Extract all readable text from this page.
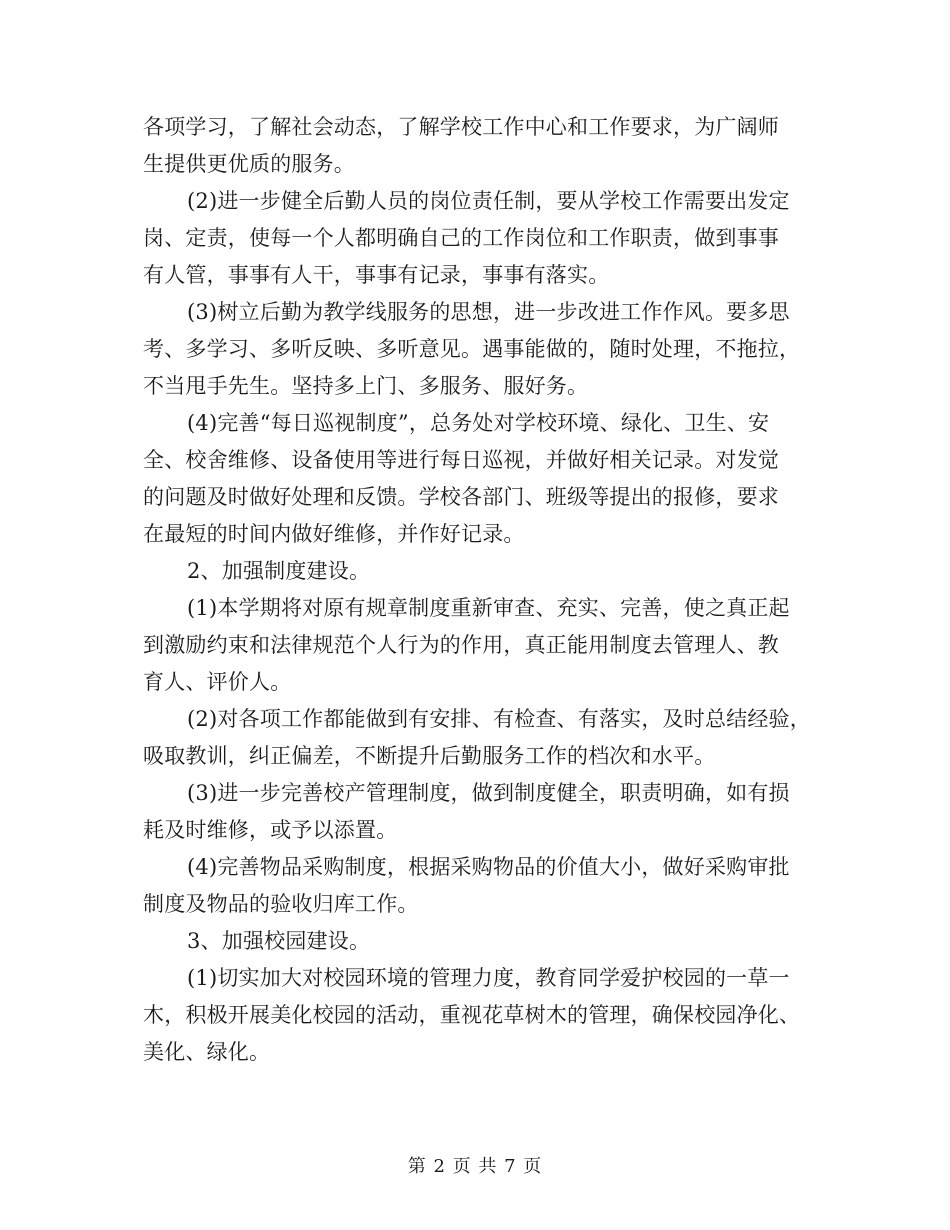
各项学习，了解社会动态，了解学校工作中心和工作要求，为广阔师
生提供更优质的服务。
(2)进一步健全后勤人员的岗位责任制，要从学校工作需要出发定
岗、定责，使每一个人都明确自己的工作岗位和工作职责，做到事事
有人管，事事有人干，事事有记录，事事有落实。
(3)树立后勤为教学线服务的思想，进一步改进工作作风。要多思
考、多学习、多听反映、多听意见。遇事能做的，随时处理，不拖拉，
不当甩手先生。坚持多上门、多服务、服好务。
(4)完善“每日巡视制度”，总务处对学校环境、绿化、卫生、安
全、校舍维修、设备使用等进行每日巡视，并做好相关记录。对发觉
的问题及时做好处理和反馈。学校各部门、班级等提出的报修，要求
在最短的时间内做好维修，并作好记录。
2、加强制度建设。
(1)本学期将对原有规章制度重新审查、充实、完善，使之真正起
到激励约束和法律规范个人行为的作用，真正能用制度去管理人、教
育人、评价人。
(2)对各项工作都能做到有安排、有检查、有落实，及时总结经验，
吸取教训，纠正偏差，不断提升后勤服务工作的档次和水平。
(3)进一步完善校产管理制度，做到制度健全，职责明确，如有损
耗及时维修，或予以添置。
(4)完善物品采购制度，根据采购物品的价值大小，做好采购审批
制度及物品的验收归库工作。
3、加强校园建设。
(1)切实加大对校园环境的管理力度，教育同学爱护校园的一草一
木，积极开展美化校园的活动，重视花草树木的管理，确保校园净化、
美化、绿化。
第 2 页 共 7 页
